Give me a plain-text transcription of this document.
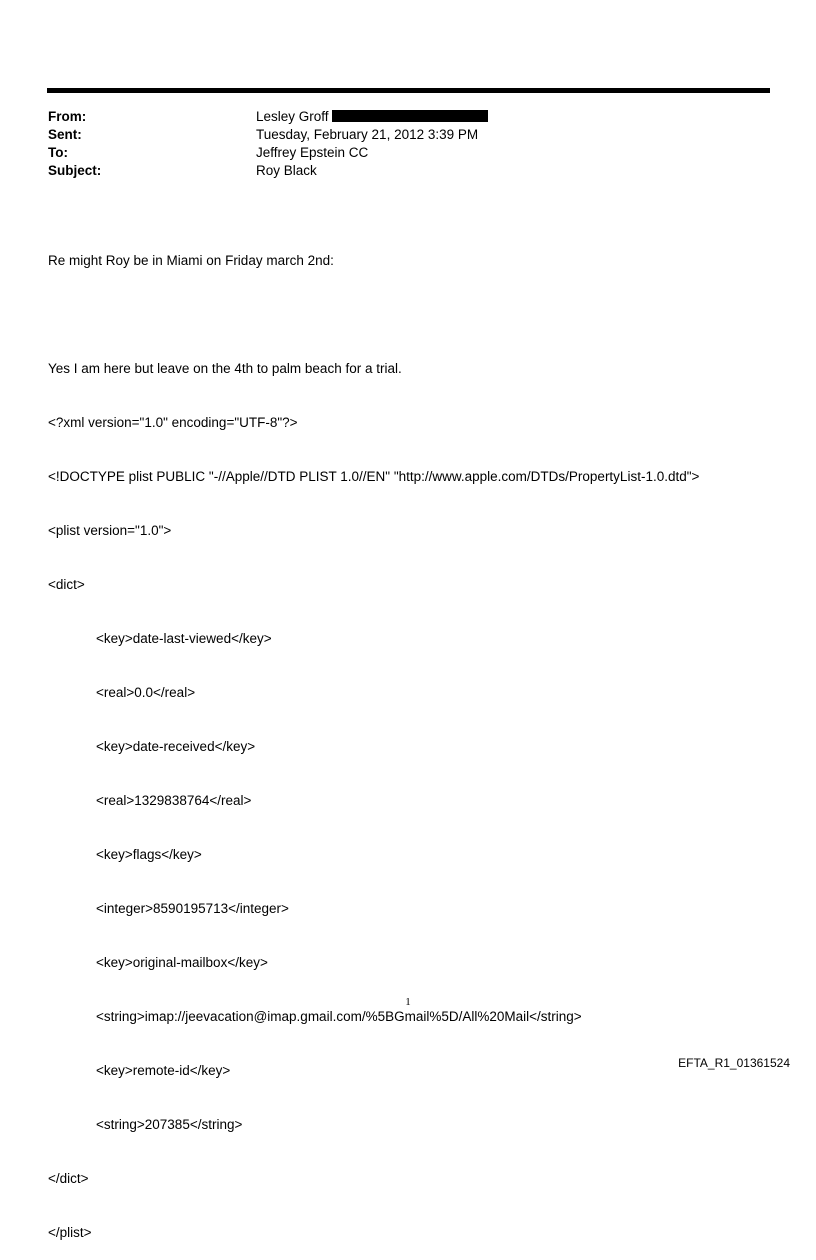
From:	Lesley Groff
Sent:	Tuesday, February 21, 2012 3:39 PM
To:	Jeffrey Epstein CC
Subject:	Roy Black

Re might Roy be in Miami on Friday march 2nd:

Yes I am here but leave on the 4th to palm beach for a trial.

<?xml version="1.0" encoding="UTF-8"?>

<!DOCTYPE plist PUBLIC "-//Apple//DTD PLIST 1.0//EN" "http://www.apple.com/DTDs/PropertyList-1.0.dtd">

<plist version="1.0">

<dict>

<key>date-last-viewed</key>

<real>0.0</real>

<key>date-received</key>

<real>1329838764</real>

<key>flags</key>

<integer>8590195713</integer>

<key>original-mailbox</key>

<string>imap://jeevacation@imap.gmail.com/%5BGmail%5D/All%20Mail</string>

<key>remote-id</key>

<string>207385</string>

</dict>

</plist>

1
EFTA_R1_01361524
